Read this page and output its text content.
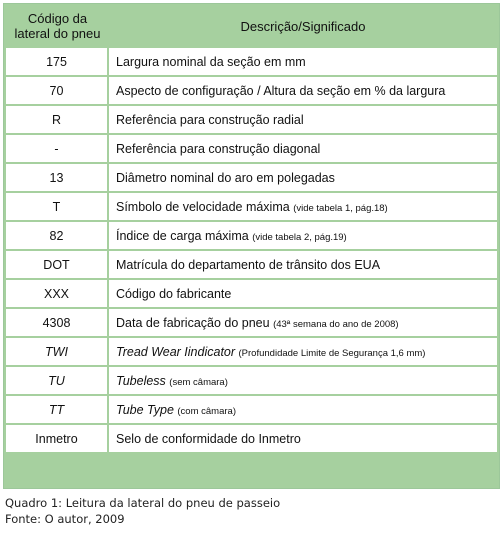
Código da
lateral do pneu	Descrição/Significado
175	Largura nominal da seção em mm
70	Aspecto de configuração / Altura da seção em % da largura
R	Referência para construção radial
-	Referência para construção diagonal
13	Diâmetro nominal do aro em polegadas
T	Símbolo de velocidade máxima (vide tabela 1, pág.18)
82	Índice de carga máxima (vide tabela 2, pág.19)
DOT	Matrícula do departamento de trânsito dos EUA
XXX	Código do fabricante
4308	Data de fabricação do pneu (43ª semana do ano de 2008)
TWI	Tread Wear Iindicator (Profundidade Limite de Segurança 1,6 mm)
TU	Tubeless (sem câmara)
TT	Tube Type (com câmara)
Inmetro	Selo de conformidade do Inmetro
Quadro 1: Leitura da lateral do pneu de passeio
Fonte: O autor, 2009
